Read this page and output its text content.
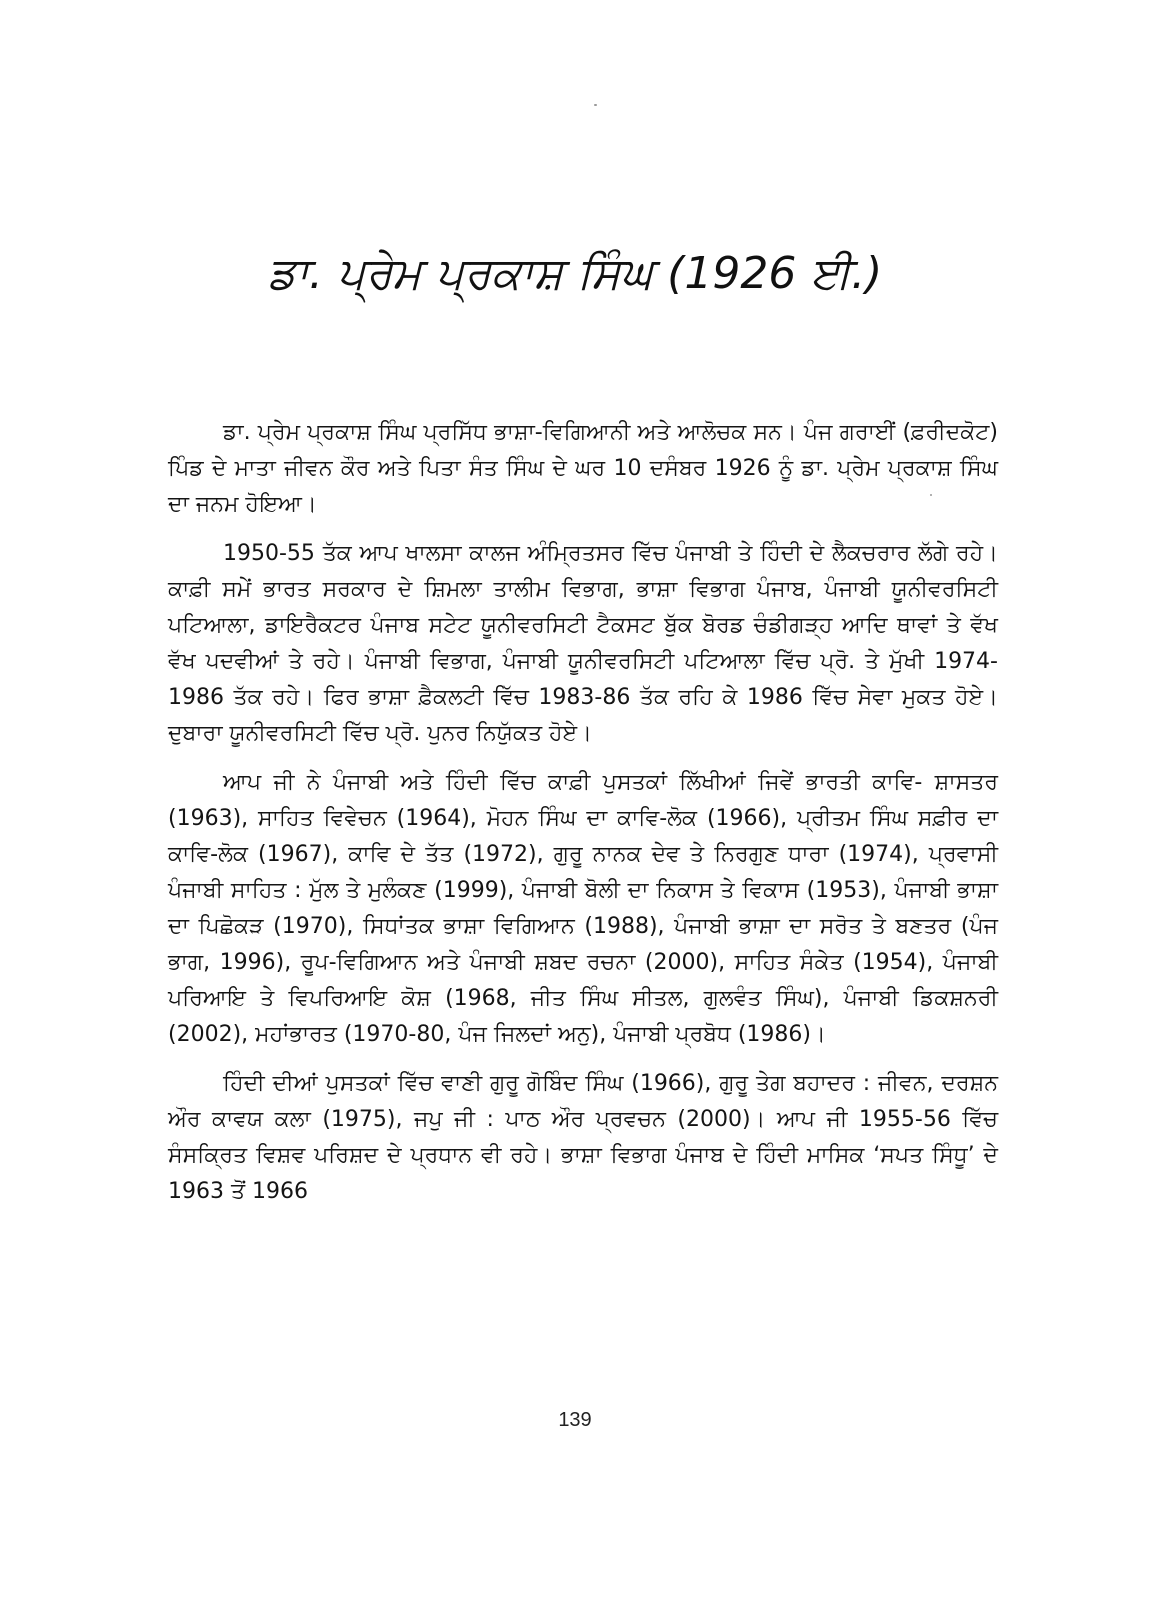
ਡਾ. ਪ੍ਰੇਮ ਪ੍ਰਕਾਸ਼ ਸਿੰਘ (1926 ਈ.)

ਡਾ. ਪ੍ਰੇਮ ਪ੍ਰਕਾਸ਼ ਸਿੰਘ ਪ੍ਰਸਿੱਧ ਭਾਸ਼ਾ-ਵਿਗਿਆਨੀ ਅਤੇ ਆਲੋਚਕ ਸਨ। ਪੰਜ ਗਰਾਈਂ (ਫ਼ਰੀਦਕੋਟ) ਪਿੰਡ ਦੇ ਮਾਤਾ ਜੀਵਨ ਕੌਰ ਅਤੇ ਪਿਤਾ ਸੰਤ ਸਿੰਘ ਦੇ ਘਰ 10 ਦਸੰਬਰ 1926 ਨੂੰ ਡਾ. ਪ੍ਰੇਮ ਪ੍ਰਕਾਸ਼ ਸਿੰਘ ਦਾ ਜਨਮ ਹੋਇਆ।

1950-55 ਤੱਕ ਆਪ ਖਾਲਸਾ ਕਾਲਜ ਅੰਮ੍ਰਿਤਸਰ ਵਿੱਚ ਪੰਜਾਬੀ ਤੇ ਹਿੰਦੀ ਦੇ ਲੈਕਚਰਾਰ ਲੱਗੇ ਰਹੇ। ਕਾਫ਼ੀ ਸਮੇਂ ਭਾਰਤ ਸਰਕਾਰ ਦੇ ਸ਼ਿਮਲਾ ਤਾਲੀਮ ਵਿਭਾਗ, ਭਾਸ਼ਾ ਵਿਭਾਗ ਪੰਜਾਬ, ਪੰਜਾਬੀ ਯੂਨੀਵਰਸਿਟੀ ਪਟਿਆਲਾ, ਡਾਇਰੈਕਟਰ ਪੰਜਾਬ ਸਟੇਟ ਯੂਨੀਵਰਸਿਟੀ ਟੈਕਸਟ ਬੁੱਕ ਬੋਰਡ ਚੰਡੀਗੜ੍ਹ ਆਦਿ ਥਾਵਾਂ ਤੇ ਵੱਖ ਵੱਖ ਪਦਵੀਆਂ ਤੇ ਰਹੇ। ਪੰਜਾਬੀ ਵਿਭਾਗ, ਪੰਜਾਬੀ ਯੂਨੀਵਰਸਿਟੀ ਪਟਿਆਲਾ ਵਿੱਚ ਪ੍ਰੋ. ਤੇ ਮੁੱਖੀ 1974-1986 ਤੱਕ ਰਹੇ। ਫਿਰ ਭਾਸ਼ਾ ਫ਼ੈਕਲਟੀ ਵਿੱਚ 1983-86 ਤੱਕ ਰਹਿ ਕੇ 1986 ਵਿੱਚ ਸੇਵਾ ਮੁਕਤ ਹੋਏ। ਦੁਬਾਰਾ ਯੂਨੀਵਰਸਿਟੀ ਵਿੱਚ ਪ੍ਰੋ. ਪੁਨਰ ਨਿਯੁੱਕਤ ਹੋਏ।

ਆਪ ਜੀ ਨੇ ਪੰਜਾਬੀ ਅਤੇ ਹਿੰਦੀ ਵਿੱਚ ਕਾਫ਼ੀ ਪੁਸਤਕਾਂ ਲਿੱਖੀਆਂ ਜਿਵੇਂ ਭਾਰਤੀ ਕਾਵਿ- ਸ਼ਾਸਤਰ (1963), ਸਾਹਿਤ ਵਿਵੇਚਨ (1964), ਮੋਹਨ ਸਿੰਘ ਦਾ ਕਾਵਿ-ਲੋਕ (1966), ਪ੍ਰੀਤਮ ਸਿੰਘ ਸਫ਼ੀਰ ਦਾ ਕਾਵਿ-ਲੋਕ (1967), ਕਾਵਿ ਦੇ ਤੱਤ (1972), ਗੁਰੂ ਨਾਨਕ ਦੇਵ ਤੇ ਨਿਰਗੁਣ ਧਾਰਾ (1974), ਪ੍ਰਵਾਸੀ ਪੰਜਾਬੀ ਸਾਹਿਤ : ਮੁੱਲ ਤੇ ਮੁਲੰਕਣ (1999), ਪੰਜਾਬੀ ਬੋਲੀ ਦਾ ਨਿਕਾਸ ਤੇ ਵਿਕਾਸ (1953), ਪੰਜਾਬੀ ਭਾਸ਼ਾ ਦਾ ਪਿਛੋਕੜ (1970), ਸਿਧਾਂਤਕ ਭਾਸ਼ਾ ਵਿਗਿਆਨ (1988), ਪੰਜਾਬੀ ਭਾਸ਼ਾ ਦਾ ਸਰੋਤ ਤੇ ਬਣਤਰ (ਪੰਜ ਭਾਗ, 1996), ਰੂਪ-ਵਿਗਿਆਨ ਅਤੇ ਪੰਜਾਬੀ ਸ਼ਬਦ ਰਚਨਾ (2000), ਸਾਹਿਤ ਸੰਕੇਤ (1954), ਪੰਜਾਬੀ ਪਰਿਆਇ ਤੇ ਵਿਪਰਿਆਇ ਕੋਸ਼ (1968, ਜੀਤ ਸਿੰਘ ਸੀਤਲ, ਗੁਲਵੰਤ ਸਿੰਘ), ਪੰਜਾਬੀ ਡਿਕਸ਼ਨਰੀ (2002), ਮਹਾਂਭਾਰਤ (1970-80, ਪੰਜ ਜਿਲਦਾਂ ਅਨੁ), ਪੰਜਾਬੀ ਪ੍ਰਬੋਧ (1986)।

ਹਿੰਦੀ ਦੀਆਂ ਪੁਸਤਕਾਂ ਵਿੱਚ ਵਾਣੀ ਗੁਰੂ ਗੋਬਿੰਦ ਸਿੰਘ (1966), ਗੁਰੂ ਤੇਗ ਬਹਾਦਰ : ਜੀਵਨ, ਦਰਸ਼ਨ ਔਰ ਕਾਵਯ ਕਲਾ (1975), ਜਪੁ ਜੀ : ਪਾਠ ਔਰ ਪ੍ਰਵਚਨ (2000)। ਆਪ ਜੀ 1955-56 ਵਿੱਚ ਸੰਸਕ੍ਰਿਤ ਵਿਸ਼ਵ ਪਰਿਸ਼ਦ ਦੇ ਪ੍ਰਧਾਨ ਵੀ ਰਹੇ। ਭਾਸ਼ਾ ਵਿਭਾਗ ਪੰਜਾਬ ਦੇ ਹਿੰਦੀ ਮਾਸਿਕ ‘ਸਪਤ ਸਿੰਧੂ’ ਦੇ 1963 ਤੋਂ 1966

139
